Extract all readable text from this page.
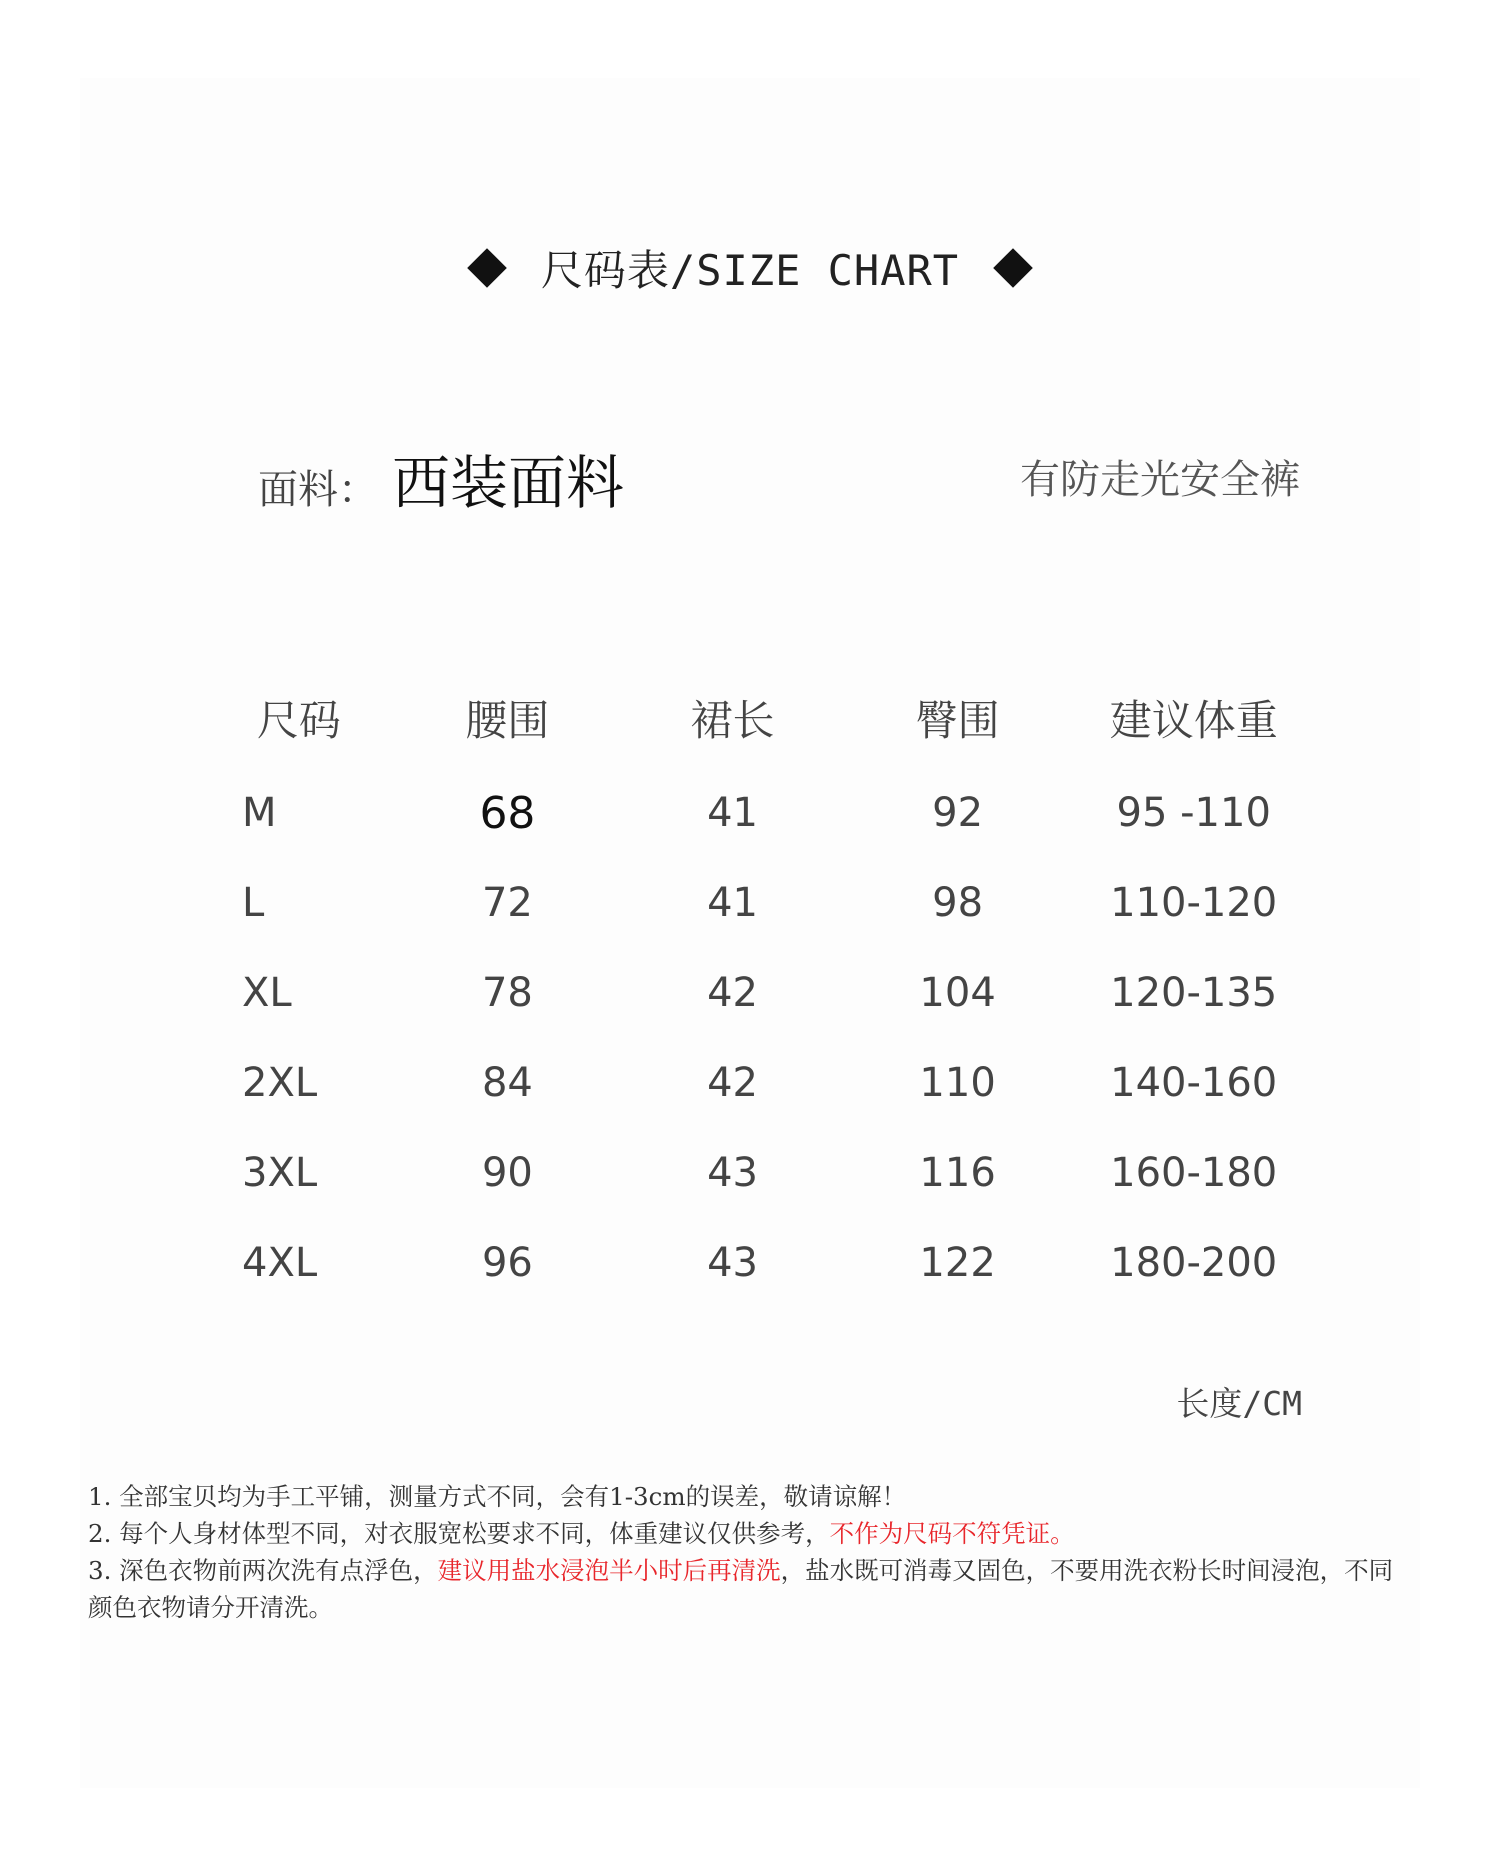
尺码表/SIZE CHART
面料： 西装面料	有防走光安全裤
尺码	腰围	裙长	臀围	建议体重
M	68	41	92	95 -110
L	72	41	98	110-120
XL	78	42	104	120-135
2XL	84	42	110	140-160
3XL	90	43	116	160-180
4XL	96	43	122	180-200
长度/CM

1. 全部宝贝均为手工平铺，测量方式不同，会有1-3cm的误差，敬请谅解！

2. 每个人身材体型不同，对衣服宽松要求不同，体重建议仅供参考，不作为尺码不符凭证。

3. 深色衣物前两次洗有点浮色，建议用盐水浸泡半小时后再清洗，盐水既可消毒又固色，不要用洗衣粉长时间浸泡，不同颜色衣物请分开清洗。
